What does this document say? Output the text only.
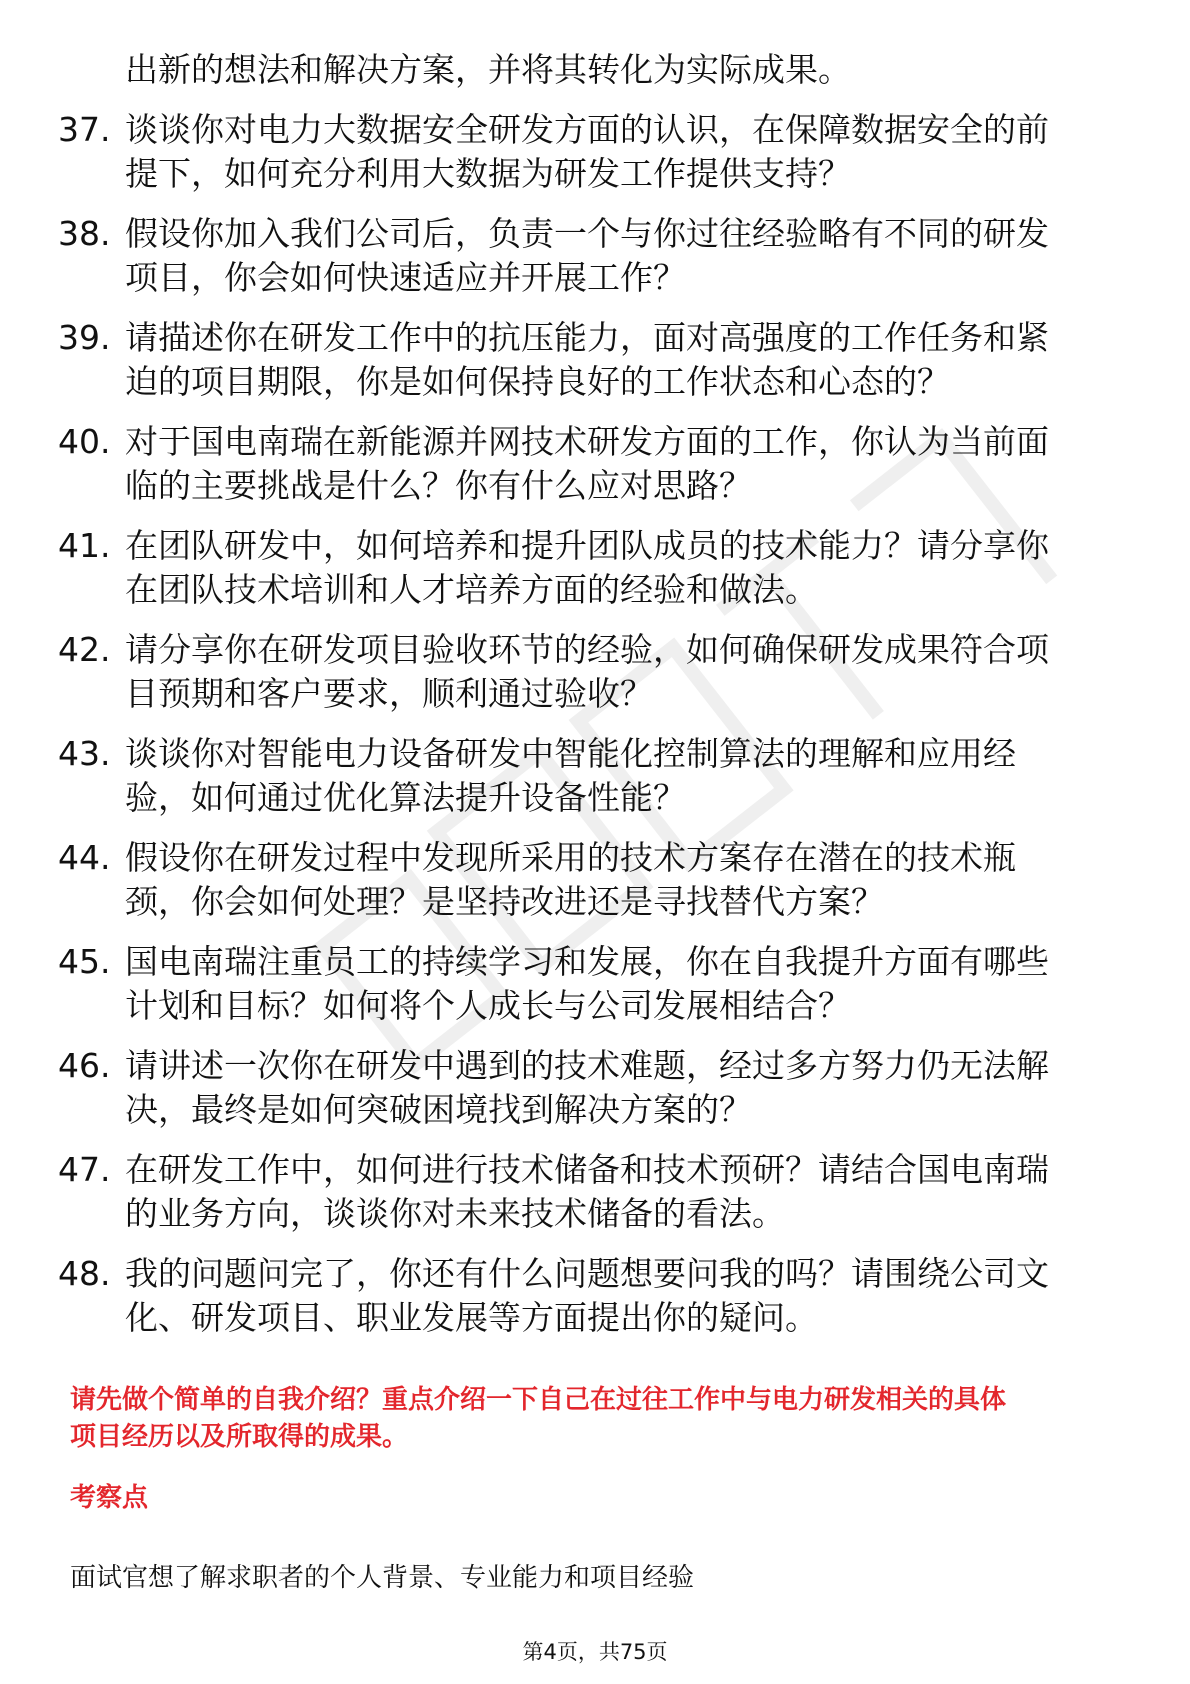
出新的想法和解决方案，并将其转化为实际成果。
37. 谈谈你对电力大数据安全研发方面的认识，在保障数据安全的前
提下，如何充分利用大数据为研发工作提供支持？
38. 假设你加入我们公司后，负责一个与你过往经验略有不同的研发
项目，你会如何快速适应并开展工作？
39. 请描述你在研发工作中的抗压能力，面对高强度的工作任务和紧
迫的项目期限，你是如何保持良好的工作状态和心态的？
40. 对于国电南瑞在新能源并网技术研发方面的工作，你认为当前面
临的主要挑战是什么？你有什么应对思路？
41. 在团队研发中，如何培养和提升团队成员的技术能力？请分享你
在团队技术培训和人才培养方面的经验和做法。
42. 请分享你在研发项目验收环节的经验，如何确保研发成果符合项
目预期和客户要求，顺利通过验收？
43. 谈谈你对智能电力设备研发中智能化控制算法的理解和应用经
验，如何通过优化算法提升设备性能？
44. 假设你在研发过程中发现所采用的技术方案存在潜在的技术瓶
颈，你会如何处理？是坚持改进还是寻找替代方案？
45. 国电南瑞注重员工的持续学习和发展，你在自我提升方面有哪些
计划和目标？如何将个人成长与公司发展相结合？
46. 请讲述一次你在研发中遇到的技术难题，经过多方努力仍无法解
决，最终是如何突破困境找到解决方案的？
47. 在研发工作中，如何进行技术储备和技术预研？请结合国电南瑞
的业务方向，谈谈你对未来技术储备的看法。
48. 我的问题问完了，你还有什么问题想要问我的吗？请围绕公司文
化、研发项目、职业发展等方面提出你的疑问。
请先做个简单的自我介绍？重点介绍一下自己在过往工作中与电力研发相关的具体
项目经历以及所取得的成果。
考察点
面试官想了解求职者的个人背景、专业能力和项目经验
第4页，共75页
